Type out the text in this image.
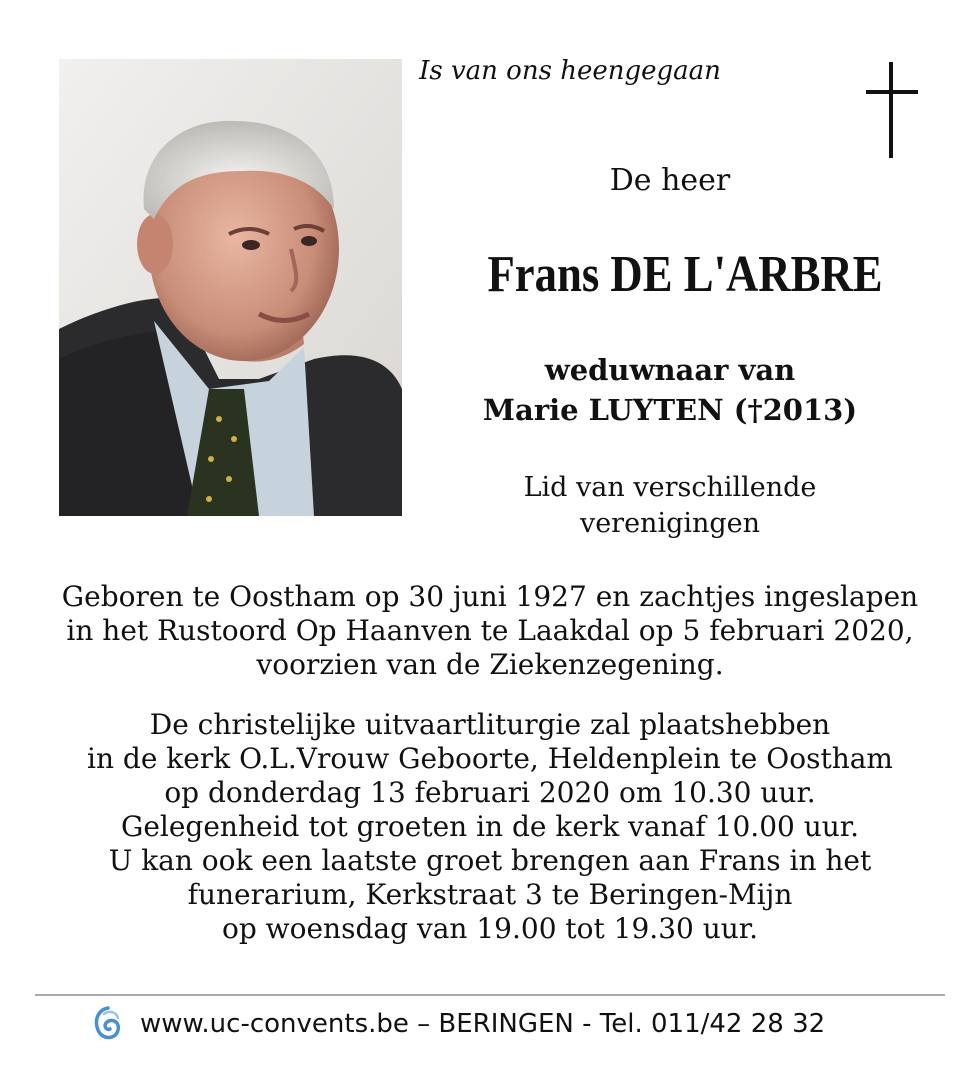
Is van ons heengegaan
De heer
Frans DE L'ARBRE
weduwnaar van
Marie LUYTEN (†2013)
Lid van verschillende
verenigingen
Geboren te Oostham op 30 juni 1927 en zachtjes ingeslapen
in het Rustoord Op Haanven te Laakdal op 5 februari 2020,
voorzien van de Ziekenzegening.
De christelijke uitvaartliturgie zal plaatshebben
in de kerk O.L.Vrouw Geboorte, Heldenplein te Oostham
op donderdag 13 februari 2020 om 10.30 uur.
Gelegenheid tot groeten in de kerk vanaf 10.00 uur.
U kan ook een laatste groet brengen aan Frans in het
funerarium, Kerkstraat 3 te Beringen-Mijn
op woensdag van 19.00 tot 19.30 uur.
www.uc-convents.be – BERINGEN - Tel. 011/42 28 32
